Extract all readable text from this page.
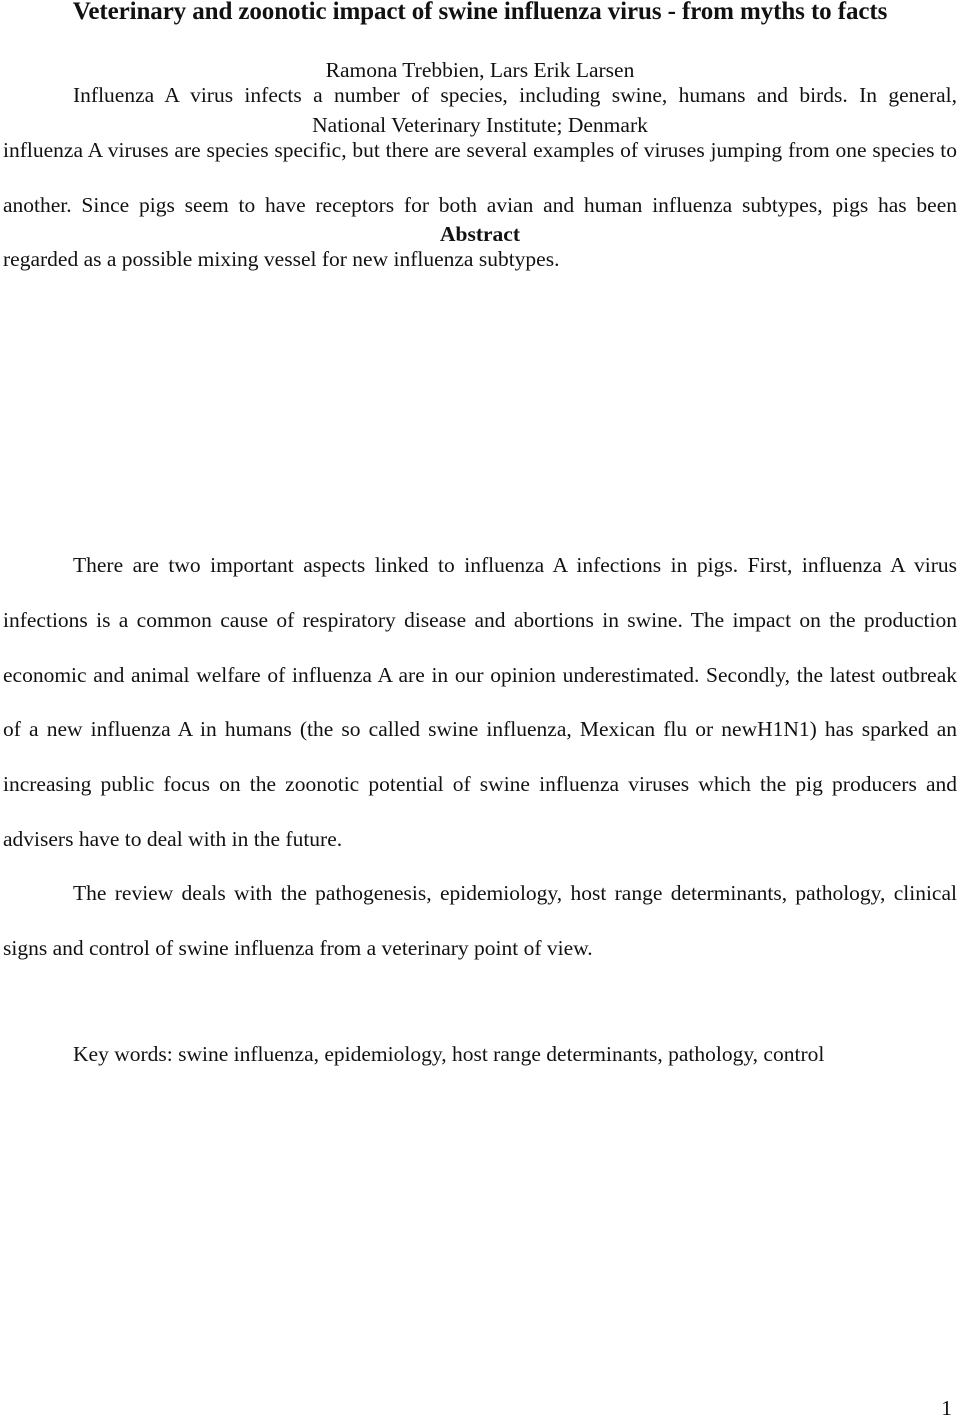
Veterinary and zoonotic impact of swine influenza virus - from myths to facts
Ramona Trebbien, Lars Erik Larsen
National Veterinary Institute; Denmark
Abstract

Influenza A virus infects a number of species, including swine, humans and birds. In general, influenza A viruses are species specific, but there are several examples of viruses jumping from one species to another. Since pigs seem to have receptors for both avian and human influenza subtypes, pigs has been regarded as a possible mixing vessel for new influenza subtypes.

There are two important aspects linked to influenza A infections in pigs. First, influenza A virus infections is a common cause of respiratory disease and abortions in swine. The impact on the production economic and animal welfare of influenza A are in our opinion underestimated. Secondly, the latest outbreak of a new influenza A in humans (the so called swine influenza, Mexican flu or newH1N1) has sparked an increasing public focus on the zoonotic potential of swine influenza viruses which the pig producers and advisers have to deal with in the future.

The review deals with the pathogenesis, epidemiology, host range determinants, pathology, clinical signs and control of swine influenza from a veterinary point of view.

Key words: swine influenza, epidemiology, host range determinants, pathology, control
1
